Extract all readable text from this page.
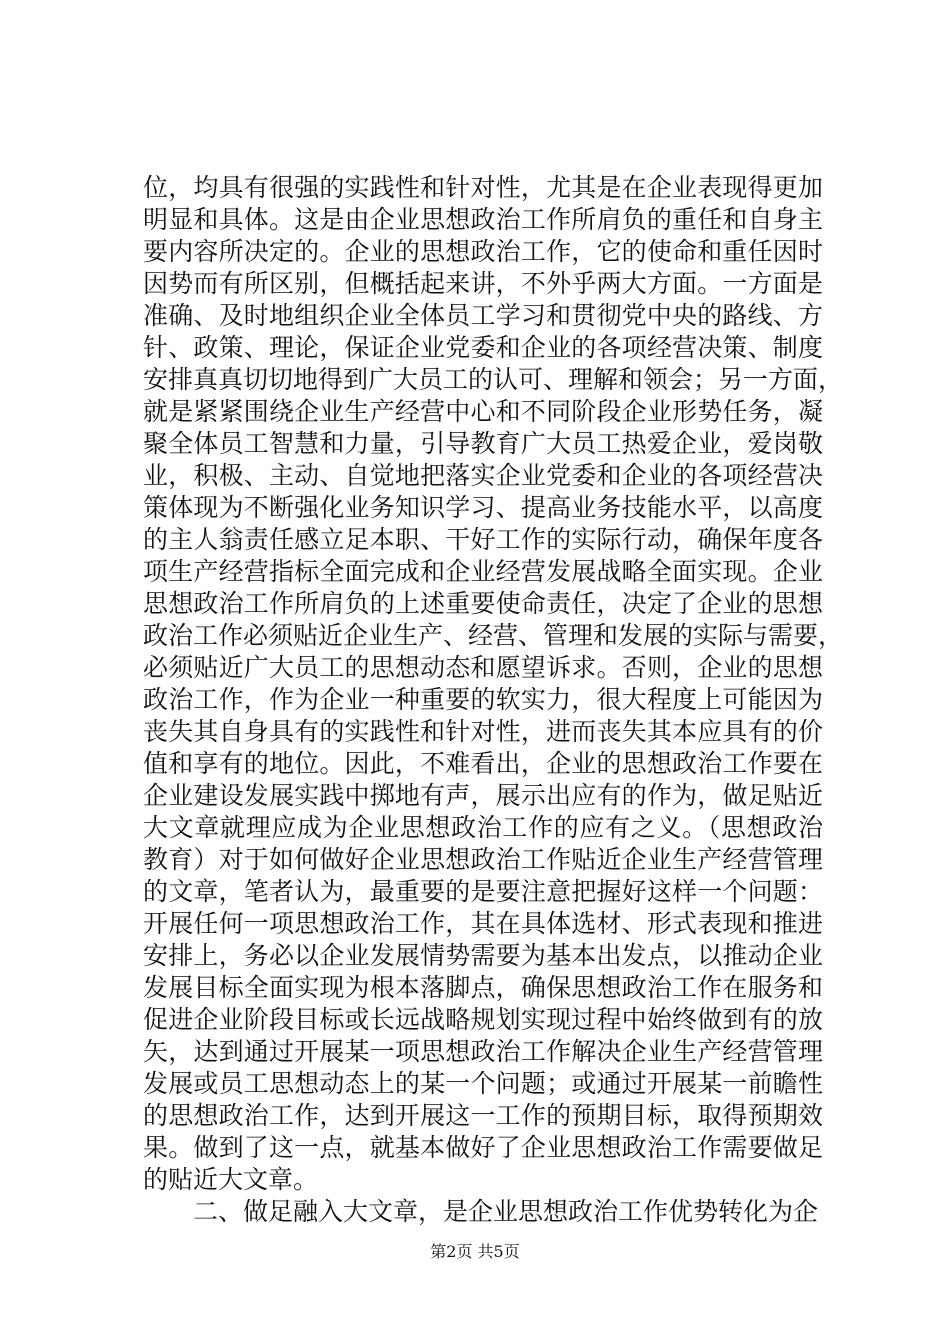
位，均具有很强的实践性和针对性，尤其是在企业表现得更加
明显和具体。这是由企业思想政治工作所肩负的重任和自身主
要内容所决定的。企业的思想政治工作，它的使命和重任因时
因势而有所区别，但概括起来讲，不外乎两大方面。一方面是
准确、及时地组织企业全体员工学习和贯彻党中央的路线、方
针、政策、理论，保证企业党委和企业的各项经营决策、制度
安排真真切切地得到广大员工的认可、理解和领会；另一方面，
就是紧紧围绕企业生产经营中心和不同阶段企业形势任务，凝
聚全体员工智慧和力量，引导教育广大员工热爱企业，爱岗敬
业，积极、主动、自觉地把落实企业党委和企业的各项经营决
策体现为不断强化业务知识学习、提高业务技能水平，以高度
的主人翁责任感立足本职、干好工作的实际行动，确保年度各
项生产经营指标全面完成和企业经营发展战略全面实现。企业
思想政治工作所肩负的上述重要使命责任，决定了企业的思想
政治工作必须贴近企业生产、经营、管理和发展的实际与需要，
必须贴近广大员工的思想动态和愿望诉求。否则，企业的思想
政治工作，作为企业一种重要的软实力，很大程度上可能因为
丧失其自身具有的实践性和针对性，进而丧失其本应具有的价
值和享有的地位。因此，不难看出，企业的思想政治工作要在
企业建设发展实践中掷地有声，展示出应有的作为，做足贴近
大文章就理应成为企业思想政治工作的应有之义。（思想政治
教育）对于如何做好企业思想政治工作贴近企业生产经营管理
的文章，笔者认为，最重要的是要注意把握好这样一个问题：
开展任何一项思想政治工作，其在具体选材、形式表现和推进
安排上，务必以企业发展情势需要为基本出发点，以推动企业
发展目标全面实现为根本落脚点，确保思想政治工作在服务和
促进企业阶段目标或长远战略规划实现过程中始终做到有的放
矢，达到通过开展某一项思想政治工作解决企业生产经营管理
发展或员工思想动态上的某一个问题；或通过开展某一前瞻性
的思想政治工作，达到开展这一工作的预期目标，取得预期效
果。做到了这一点，就基本做好了企业思想政治工作需要做足
的贴近大文章。
　　二、做足融入大文章，是企业思想政治工作优势转化为企
第2页 共5页
